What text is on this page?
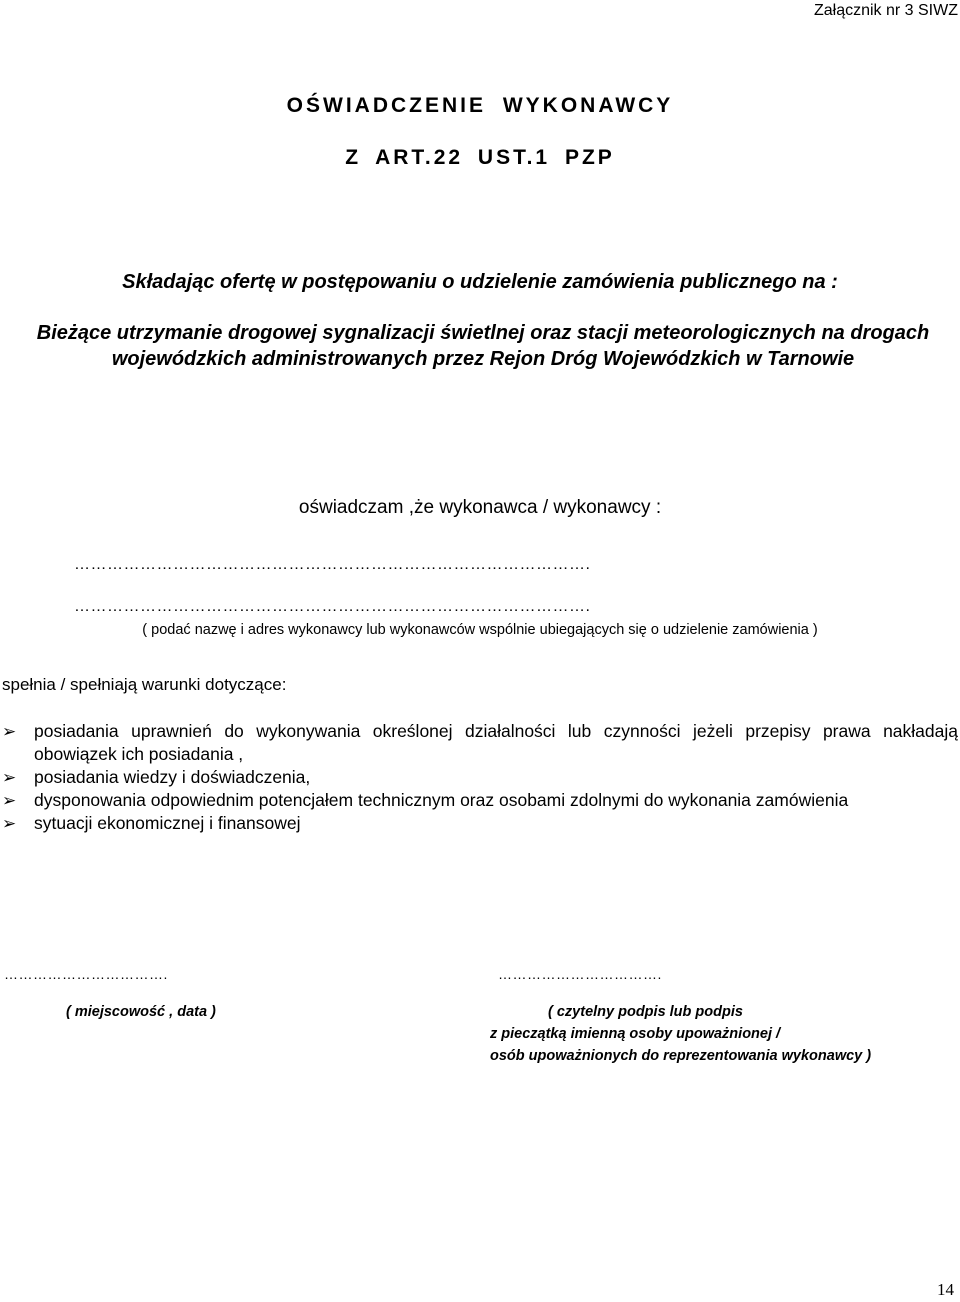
Załącznik nr 3 SIWZ
OŚWIADCZENIE WYKONAWCY
Z ART.22 UST.1 PZP
Składając ofertę w postępowaniu o udzielenie zamówienia publicznego na :
Bieżące utrzymanie drogowej sygnalizacji świetlnej oraz stacji meteorologicznych na drogach wojewódzkich administrowanych przez Rejon Dróg Wojewódzkich w Tarnowie
oświadczam ,że wykonawca / wykonawcy :
………………………………………………………………………………….
………………………………………………………………………………….
( podać nazwę i adres wykonawcy lub wykonawców wspólnie ubiegających się o udzielenie zamówienia )
spełnia / spełniają warunki dotyczące:
➢ posiadania uprawnień do wykonywania określonej działalności lub czynności jeżeli przepisy prawa nakładają obowiązek ich posiadania ,
➢ posiadania wiedzy i doświadczenia,
➢ dysponowania odpowiednim potencjałem technicznym oraz osobami zdolnymi do wykonania zamówienia
➢ sytuacji ekonomicznej i finansowej
…………………………….	…………………………….
( miejscowość , data )	( czytelny podpis lub podpis
z pieczątką imienną osoby upoważnionej /
osób upoważnionych do reprezentowania wykonawcy )
14
